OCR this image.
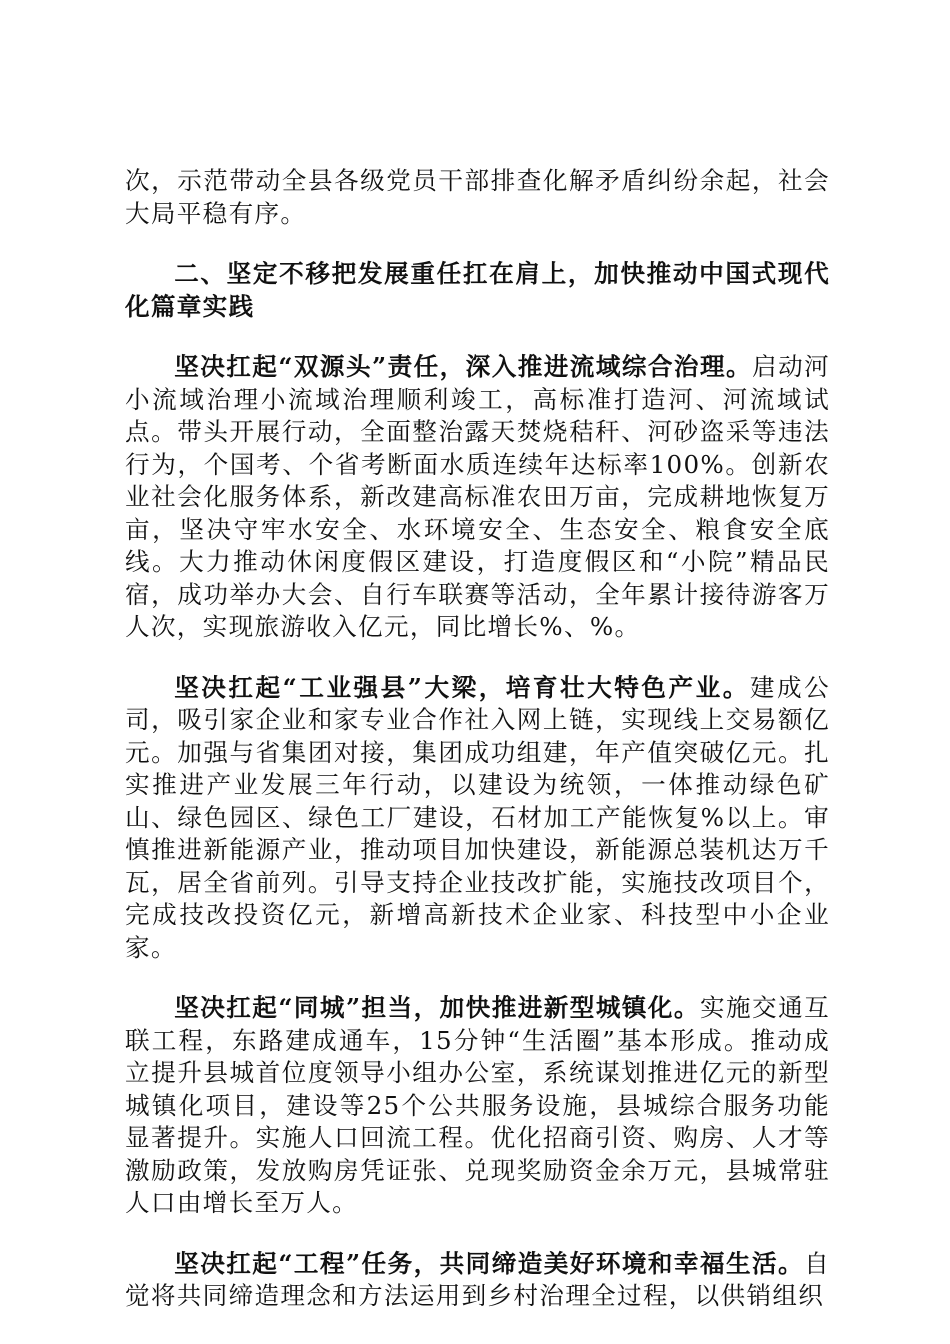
次，示范带动全县各级党员干部排查化解矛盾纠纷余起，社会大局平稳有序。

二、坚定不移把发展重任扛在肩上，加快推动中国式现代化篇章实践

坚决扛起“双源头”责任，深入推进流域综合治理。启动河小流域治理小流域治理顺利竣工，高标准打造河、河流域试点。带头开展行动，全面整治露天焚烧秸秆、河砂盗采等违法行为，个国考、个省考断面水质连续年达标率100%。创新农业社会化服务体系，新改建高标准农田万亩，完成耕地恢复万亩，坚决守牢水安全、水环境安全、生态安全、粮食安全底线。大力推动休闲度假区建设，打造度假区和“小院”精品民宿，成功举办大会、自行车联赛等活动，全年累计接待游客万人次，实现旅游收入亿元，同比增长%、%。

坚决扛起“工业强县”大梁，培育壮大特色产业。建成公司，吸引家企业和家专业合作社入网上链，实现线上交易额亿元。加强与省集团对接，集团成功组建，年产值突破亿元。扎实推进产业发展三年行动，以建设为统领，一体推动绿色矿山、绿色园区、绿色工厂建设，石材加工产能恢复%以上。审慎推进新能源产业，推动项目加快建设，新能源总装机达万千瓦，居全省前列。引导支持企业技改扩能，实施技改项目个，完成技改投资亿元，新增高新技术企业家、科技型中小企业家。

坚决扛起“同城”担当，加快推进新型城镇化。实施交通互联工程，东路建成通车，15分钟“生活圈”基本形成。推动成立提升县城首位度领导小组办公室，系统谋划推进亿元的新型城镇化项目，建设等25个公共服务设施，县城综合服务功能显著提升。实施人口回流工程。优化招商引资、购房、人才等激励政策，发放购房凭证张、兑现奖励资金余万元，县城常驻人口由增长至万人。

坚决扛起“工程”任务，共同缔造美好环境和幸福生活。自觉将共同缔造理念和方法运用到乡村治理全过程，以供销组织
